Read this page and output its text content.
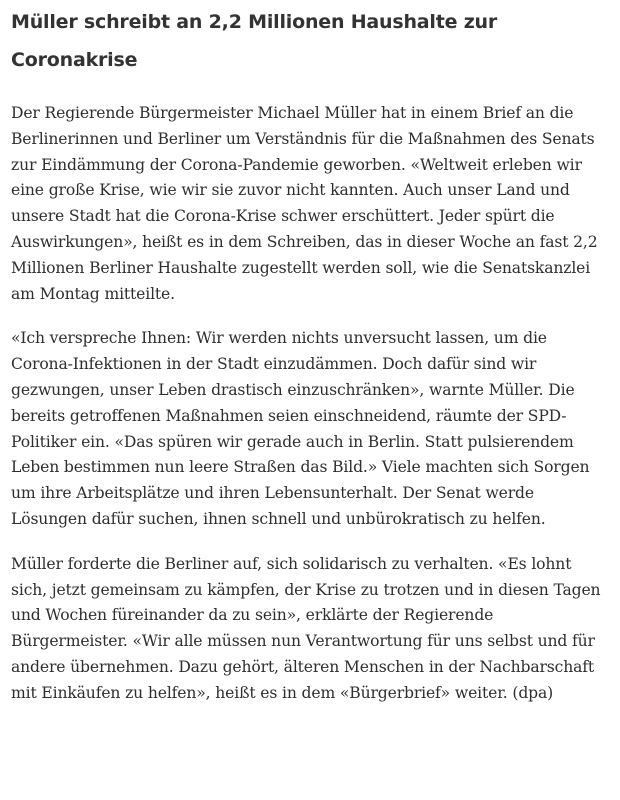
Müller schreibt an 2,2 Millionen Haushalte zur Coronakrise

Der Regierende Bürgermeister Michael Müller hat in einem Brief an die Berlinerinnen und Berliner um Verständnis für die Maßnahmen des Senats zur Eindämmung der Corona-Pandemie geworben. «Weltweit erleben wir eine große Krise, wie wir sie zuvor nicht kannten. Auch unser Land und unsere Stadt hat die Corona-Krise schwer erschüttert. Jeder spürt die Auswirkungen», heißt es in dem Schreiben, das in dieser Woche an fast 2,2 Millionen Berliner Haushalte zugestellt werden soll, wie die Senatskanzlei am Montag mitteilte.

«Ich verspreche Ihnen: Wir werden nichts unversucht lassen, um die Corona-Infektionen in der Stadt einzudämmen. Doch dafür sind wir gezwungen, unser Leben drastisch einzuschränken», warnte Müller. Die bereits getroffenen Maßnahmen seien einschneidend, räumte der SPD-Politiker ein. «Das spüren wir gerade auch in Berlin. Statt pulsierendem Leben bestimmen nun leere Straßen das Bild.» Viele machten sich Sorgen um ihre Arbeitsplätze und ihren Lebensunterhalt. Der Senat werde Lösungen dafür suchen, ihnen schnell und unbürokratisch zu helfen.

Müller forderte die Berliner auf, sich solidarisch zu verhalten. «Es lohnt sich, jetzt gemeinsam zu kämpfen, der Krise zu trotzen und in diesen Tagen und Wochen füreinander da zu sein», erklärte der Regierende Bürgermeister. «Wir alle müssen nun Verantwortung für uns selbst und für andere übernehmen. Dazu gehört, älteren Menschen in der Nachbarschaft mit Einkäufen zu helfen», heißt es in dem «Bürgerbrief» weiter. (dpa)
